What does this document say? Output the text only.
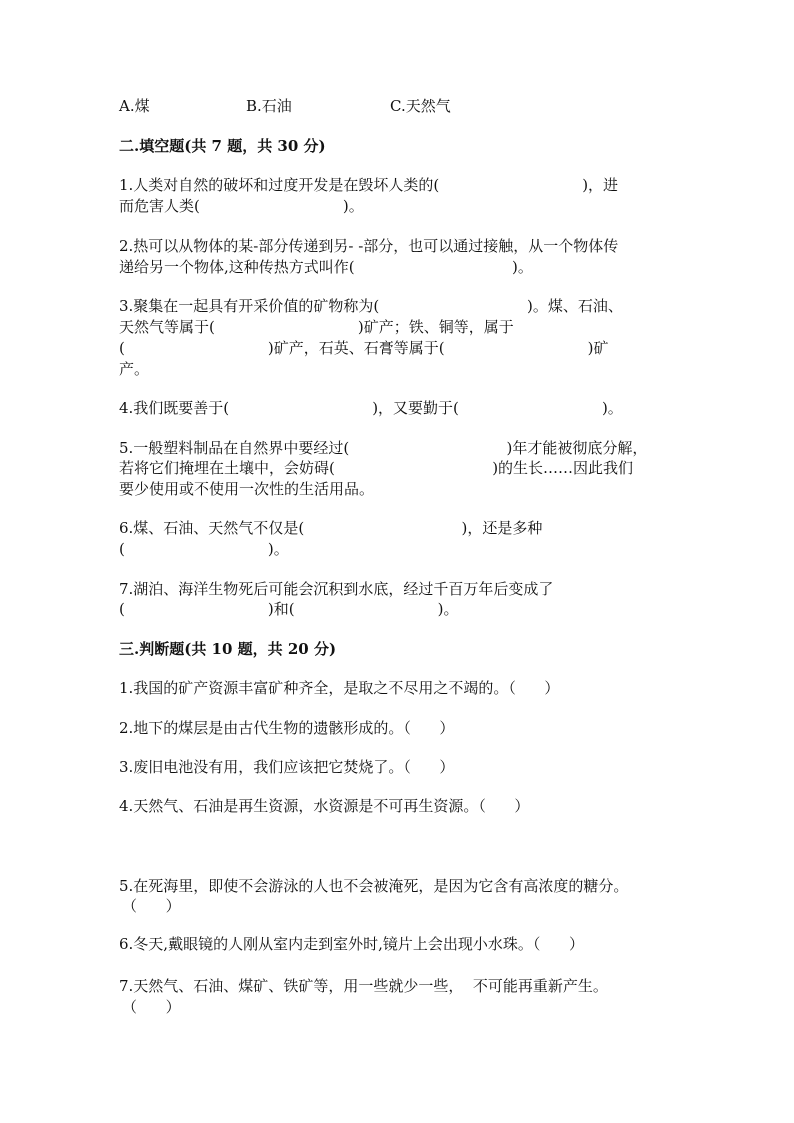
A.煤	B.石油	C.天然气
二.填空题(共 7 题，共 30 分)
1.人类对自然的破坏和过度开发是在毁坏人类的(                              )，进
而危害人类(                              )。
2.热可以从物体的某-部分传递到另- -部分，也可以通过接触，从一个物体传
递给另一个物体,这种传热方式叫作(                                 )。
3.聚集在一起具有开采价值的矿物称为(                               )。煤、石油、
天然气等属于(                              )矿产；铁、铜等，属于
(                              )矿产，石英、石膏等属于(                              )矿
产。
4.我们既要善于(                              )，又要勤于(                              )。
5.一般塑料制品在自然界中要经过(                                 )年才能被彻底分解，
若将它们掩埋在土壤中，会妨碍(                                 )的生长……因此我们
要少使用或不使用一次性的生活用品。
6.煤、石油、天然气不仅是(                                 )，还是多种
(                              )。
7.湖泊、海洋生物死后可能会沉积到水底，经过千百万年后变成了
(                              )和(                              )。
三.判断题(共 10 题，共 20 分)
1.我国的矿产资源丰富矿种齐全，是取之不尽用之不竭的。（      ）
2.地下的煤层是由古代生物的遗骸形成的。（      ）
3.废旧电池没有用，我们应该把它焚烧了。（      ）
4.天然气、石油是再生资源，水资源是不可再生资源。（      ）
5.在死海里，即使不会游泳的人也不会被淹死，是因为它含有高浓度的糖分。
（      ）
6.冬天,戴眼镜的人刚从室内走到室外时,镜片上会出现小水珠。（      ）
7.天然气、石油、煤矿、铁矿等，用一些就少一些，  不可能再重新产生。
（      ）
